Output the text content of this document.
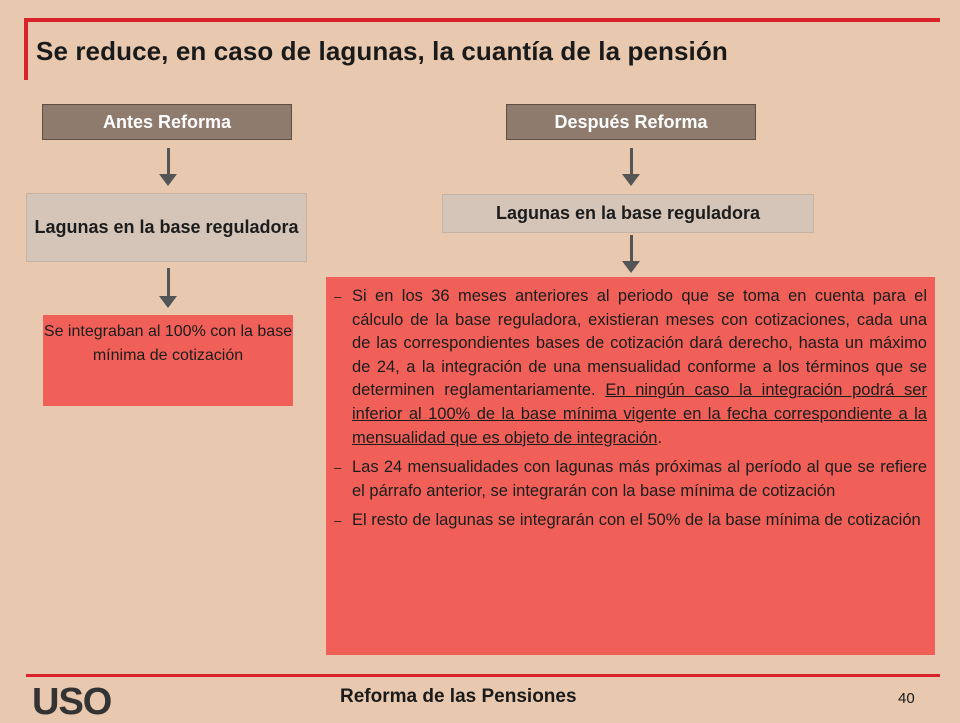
Se reduce, en caso de lagunas, la cuantía de la pensión
Antes Reforma
Lagunas en la base reguladora
Se integraban al 100% con la base mínima de cotización
Después Reforma
Lagunas en la base reguladora
– Si en los 36 meses anteriores al periodo que se toma en cuenta para el cálculo de la base reguladora, existieran meses con cotizaciones, cada una de las correspondientes bases de cotización dará derecho, hasta un máximo de 24, a la integración de una mensualidad conforme a los términos que se determinen reglamentariamente. En ningún caso la integración podrá ser inferior al 100% de la base mínima vigente en la fecha correspondiente a la mensualidad que es objeto de integración.
– Las 24 mensualidades con lagunas más próximas al período al que se refiere el párrafo anterior, se integrarán con la base mínima de cotización
– El resto de lagunas se integrarán con el 50% de la base mínima de cotización
USO	Reforma de las Pensiones	40
